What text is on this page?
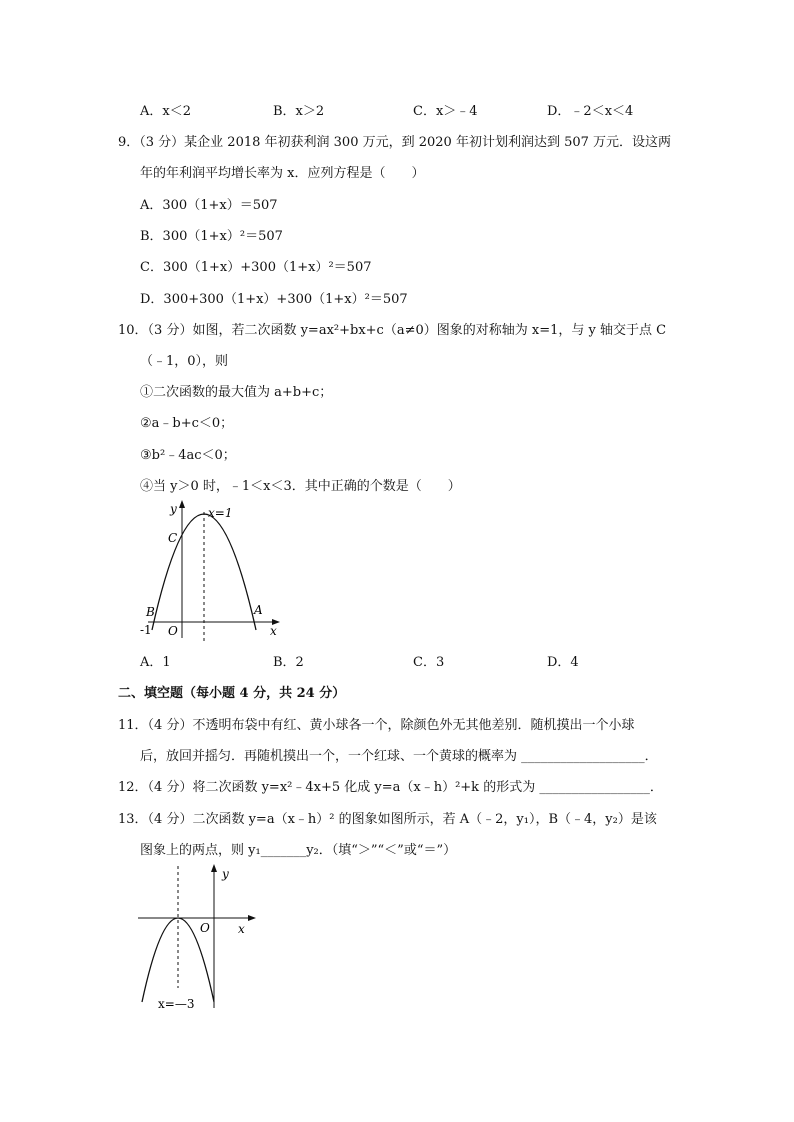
A．x＜2	B．x＞2	C．x＞﹣4	D．﹣2＜x＜4
9．（3 分）某企业 2018 年初获利润 300 万元，到 2020 年初计划利润达到 507 万元．设这两
年的年利润平均增长率为 x．应列方程是（　　）
A．300（1+x）＝507
B．300（1+x）²＝507
C．300（1+x）+300（1+x）²＝507
D．300+300（1+x）+300（1+x）²＝507
10．（3 分）如图，若二次函数 y=ax²+bx+c（a≠0）图象的对称轴为 x=1，与 y 轴交于点 C
（﹣1，0），则
①二次函数的最大值为 a+b+c；
②a﹣b+c＜0；
③b²﹣4ac＜0；
④当 y＞0 时，﹣1＜x＜3．其中正确的个数是（　　）
y	x=1
C
B	A
-1 O	x
A．1	B．2	C．3	D．4
二、填空题（每小题 4 分，共 24 分）
11．（4 分）不透明布袋中有红、黄小球各一个，除颜色外无其他差别．随机摸出一个小球
后，放回并摇匀．再随机摸出一个，一个红球、一个黄球的概率为 ___________________．
12．（4 分）将二次函数 y=x²﹣4x+5 化成 y=a（x﹣h）²+k 的形式为 _________________．
13．（4 分）二次函数 y=a（x﹣h）² 的图象如图所示，若 A（﹣2，y₁），B（﹣4，y₂）是该
图象上的两点，则 y₁_______y₂．（填“＞”“＜”或“＝”）
y
O x
x=—3
